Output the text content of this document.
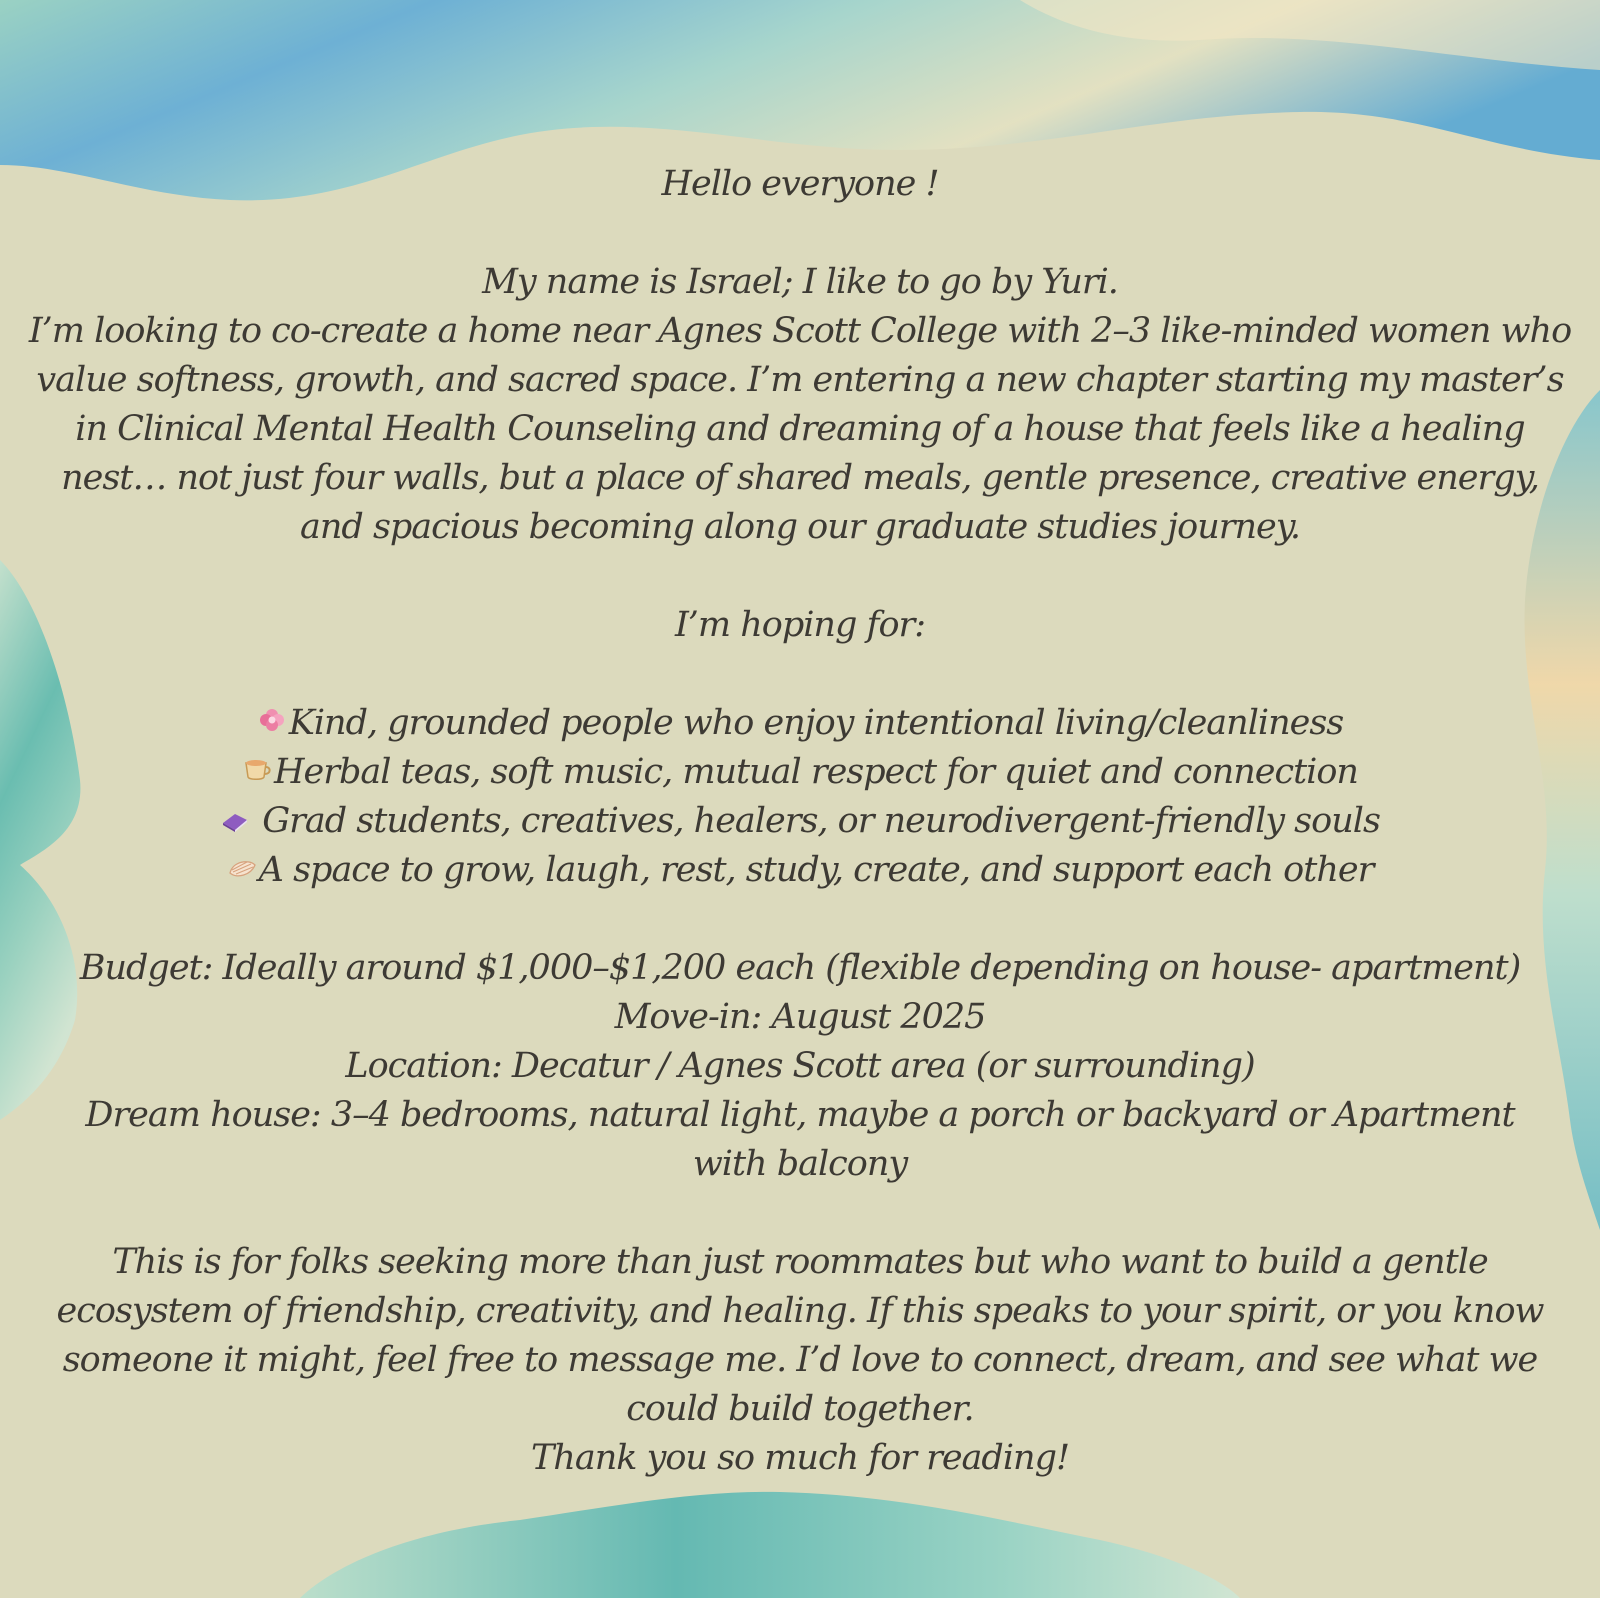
Hello everyone !

My name is Israel; I like to go by Yuri.

I’m looking to co-create a home near Agnes Scott College with 2–3 like-minded women who value softness, growth, and sacred space. I’m entering a new chapter starting my master’s in Clinical Mental Health Counseling and dreaming of a house that feels like a healing nest… not just four walls, but a place of shared meals, gentle presence, creative energy, and spacious becoming along our graduate studies journey.

I’m hoping for:

Kind, grounded people who enjoy intentional living/cleanliness

Herbal teas, soft music, mutual respect for quiet and connection

Grad students, creatives, healers, or neurodivergent-friendly souls

A space to grow, laugh, rest, study, create, and support each other

Budget: Ideally around $1,000–$1,200 each (flexible depending on house- apartment)

Move-in: August 2025

Location: Decatur / Agnes Scott area (or surrounding)

Dream house: 3–4 bedrooms, natural light, maybe a porch or backyard or Apartment with balcony

This is for folks seeking more than just roommates but who want to build a gentle ecosystem of friendship, creativity, and healing. If this speaks to your spirit, or you know someone it might, feel free to message me. I’d love to connect, dream, and see what we could build together.

Thank you so much for reading!
